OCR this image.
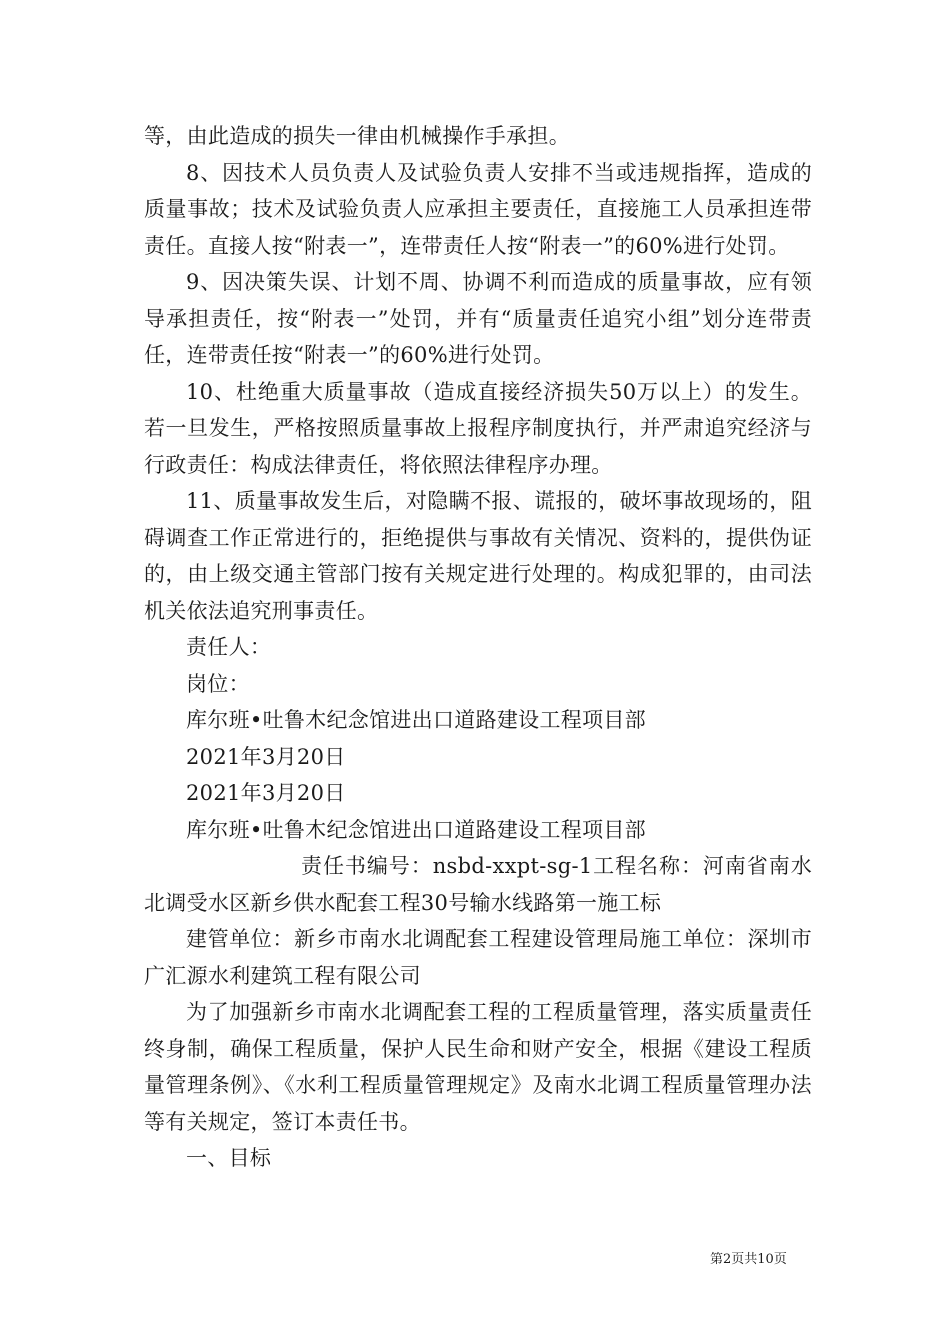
等，由此造成的损失一律由机械操作手承担。

8、因技术人员负责人及试验负责人安排不当或违规指挥，造成的质量事故；技术及试验负责人应承担主要责任，直接施工人员承担连带责任。直接人按“附表一”，连带责任人按“附表一”的60%进行处罚。

9、因决策失误、计划不周、协调不利而造成的质量事故，应有领导承担责任，按“附表一”处罚，并有“质量责任追究小组”划分连带责任，连带责任按“附表一”的60%进行处罚。

10、杜绝重大质量事故（造成直接经济损失50万以上）的发生。若一旦发生，严格按照质量事故上报程序制度执行，并严肃追究经济与行政责任：构成法律责任，将依照法律程序办理。

11、质量事故发生后，对隐瞒不报、谎报的，破坏事故现场的，阻碍调查工作正常进行的，拒绝提供与事故有关情况、资料的，提供伪证的，由上级交通主管部门按有关规定进行处理的。构成犯罪的，由司法机关依法追究刑事责任。

责任人：

岗位：

库尔班•吐鲁木纪念馆进出口道路建设工程项目部

2021年3月20日

2021年3月20日

库尔班•吐鲁木纪念馆进出口道路建设工程项目部

责任书编号：nsbd-xxpt-sg-1工程名称：河南省南水北调受水区新乡供水配套工程30号输水线路第一施工标

建管单位：新乡市南水北调配套工程建设管理局施工单位：深圳市广汇源水利建筑工程有限公司

为了加强新乡市南水北调配套工程的工程质量管理，落实质量责任终身制，确保工程质量，保护人民生命和财产安全，根据《建设工程质量管理条例》、《水利工程质量管理规定》及南水北调工程质量管理办法等有关规定，签订本责任书。

一、目标

第2页共10页
